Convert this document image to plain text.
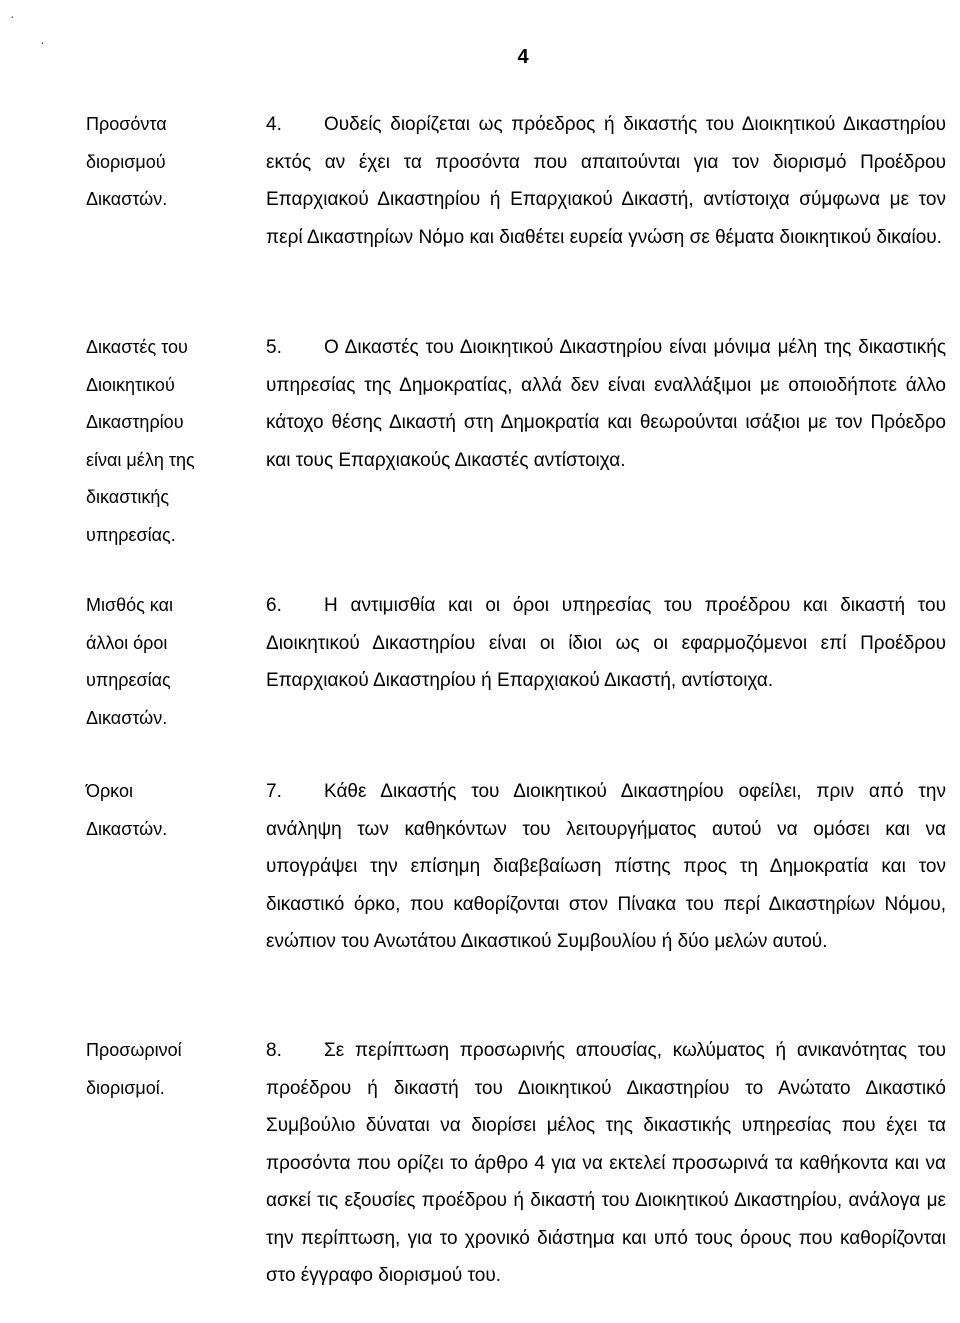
·
·
4
Προσόντα
διορισμού
Δικαστών.
4. Ουδείς διορίζεται ως πρόεδρος ή δικαστής του Διοικητικού Δικαστηρίου εκτός αν έχει τα προσόντα που απαιτούνται για τον διορισμό Προέδρου Επαρχιακού Δικαστηρίου ή Επαρχιακού Δικαστή, αντίστοιχα σύμφωνα με τον περί Δικαστηρίων Νόμο και διαθέτει ευρεία γνώση σε θέματα διοικητικού δικαίου.
Δικαστές του
Διοικητικού
Δικαστηρίου
είναι μέλη της
δικαστικής
υπηρεσίας.
5. Ο Δικαστές του Διοικητικού Δικαστηρίου είναι μόνιμα μέλη της δικαστικής υπηρεσίας της Δημοκρατίας, αλλά δεν είναι εναλλάξιμοι με οποιοδήποτε άλλο κάτοχο θέσης Δικαστή στη Δημοκρατία και θεωρούνται ισάξιοι με τον Πρόεδρο και τους Επαρχιακούς Δικαστές αντίστοιχα.
Μισθός και
άλλοι όροι
υπηρεσίας
Δικαστών.
6. Η αντιμισθία και οι όροι υπηρεσίας του προέδρου και δικαστή του Διοικητικού Δικαστηρίου είναι οι ίδιοι ως οι εφαρμοζόμενοι επί Προέδρου Επαρχιακού Δικαστηρίου ή Επαρχιακού Δικαστή, αντίστοιχα.
Όρκοι
Δικαστών.
7. Κάθε Δικαστής του Διοικητικού Δικαστηρίου οφείλει, πριν από την ανάληψη των καθηκόντων του λειτουργήματος αυτού να ομόσει και να υπογράψει την επίσημη διαβεβαίωση πίστης προς τη Δημοκρατία και τον δικαστικό όρκο, που καθορίζονται στον Πίνακα του περί Δικαστηρίων Νόμου, ενώπιον του Ανωτάτου Δικαστικού Συμβουλίου ή δύο μελών αυτού.
Προσωρινοί
διορισμοί.
8. Σε περίπτωση προσωρινής απουσίας, κωλύματος ή ανικανότητας του προέδρου ή δικαστή του Διοικητικού Δικαστηρίου το Ανώτατο Δικαστικό Συμβούλιο δύναται να διορίσει μέλος της δικαστικής υπηρεσίας που έχει τα προσόντα που ορίζει το άρθρο 4 για να εκτελεί προσωρινά τα καθήκοντα και να ασκεί τις εξουσίες προέδρου ή δικαστή του Διοικητικού Δικαστηρίου, ανάλογα με την περίπτωση, για το χρονικό διάστημα και υπό τους όρους που καθορίζονται στο έγγραφο διορισμού του.
